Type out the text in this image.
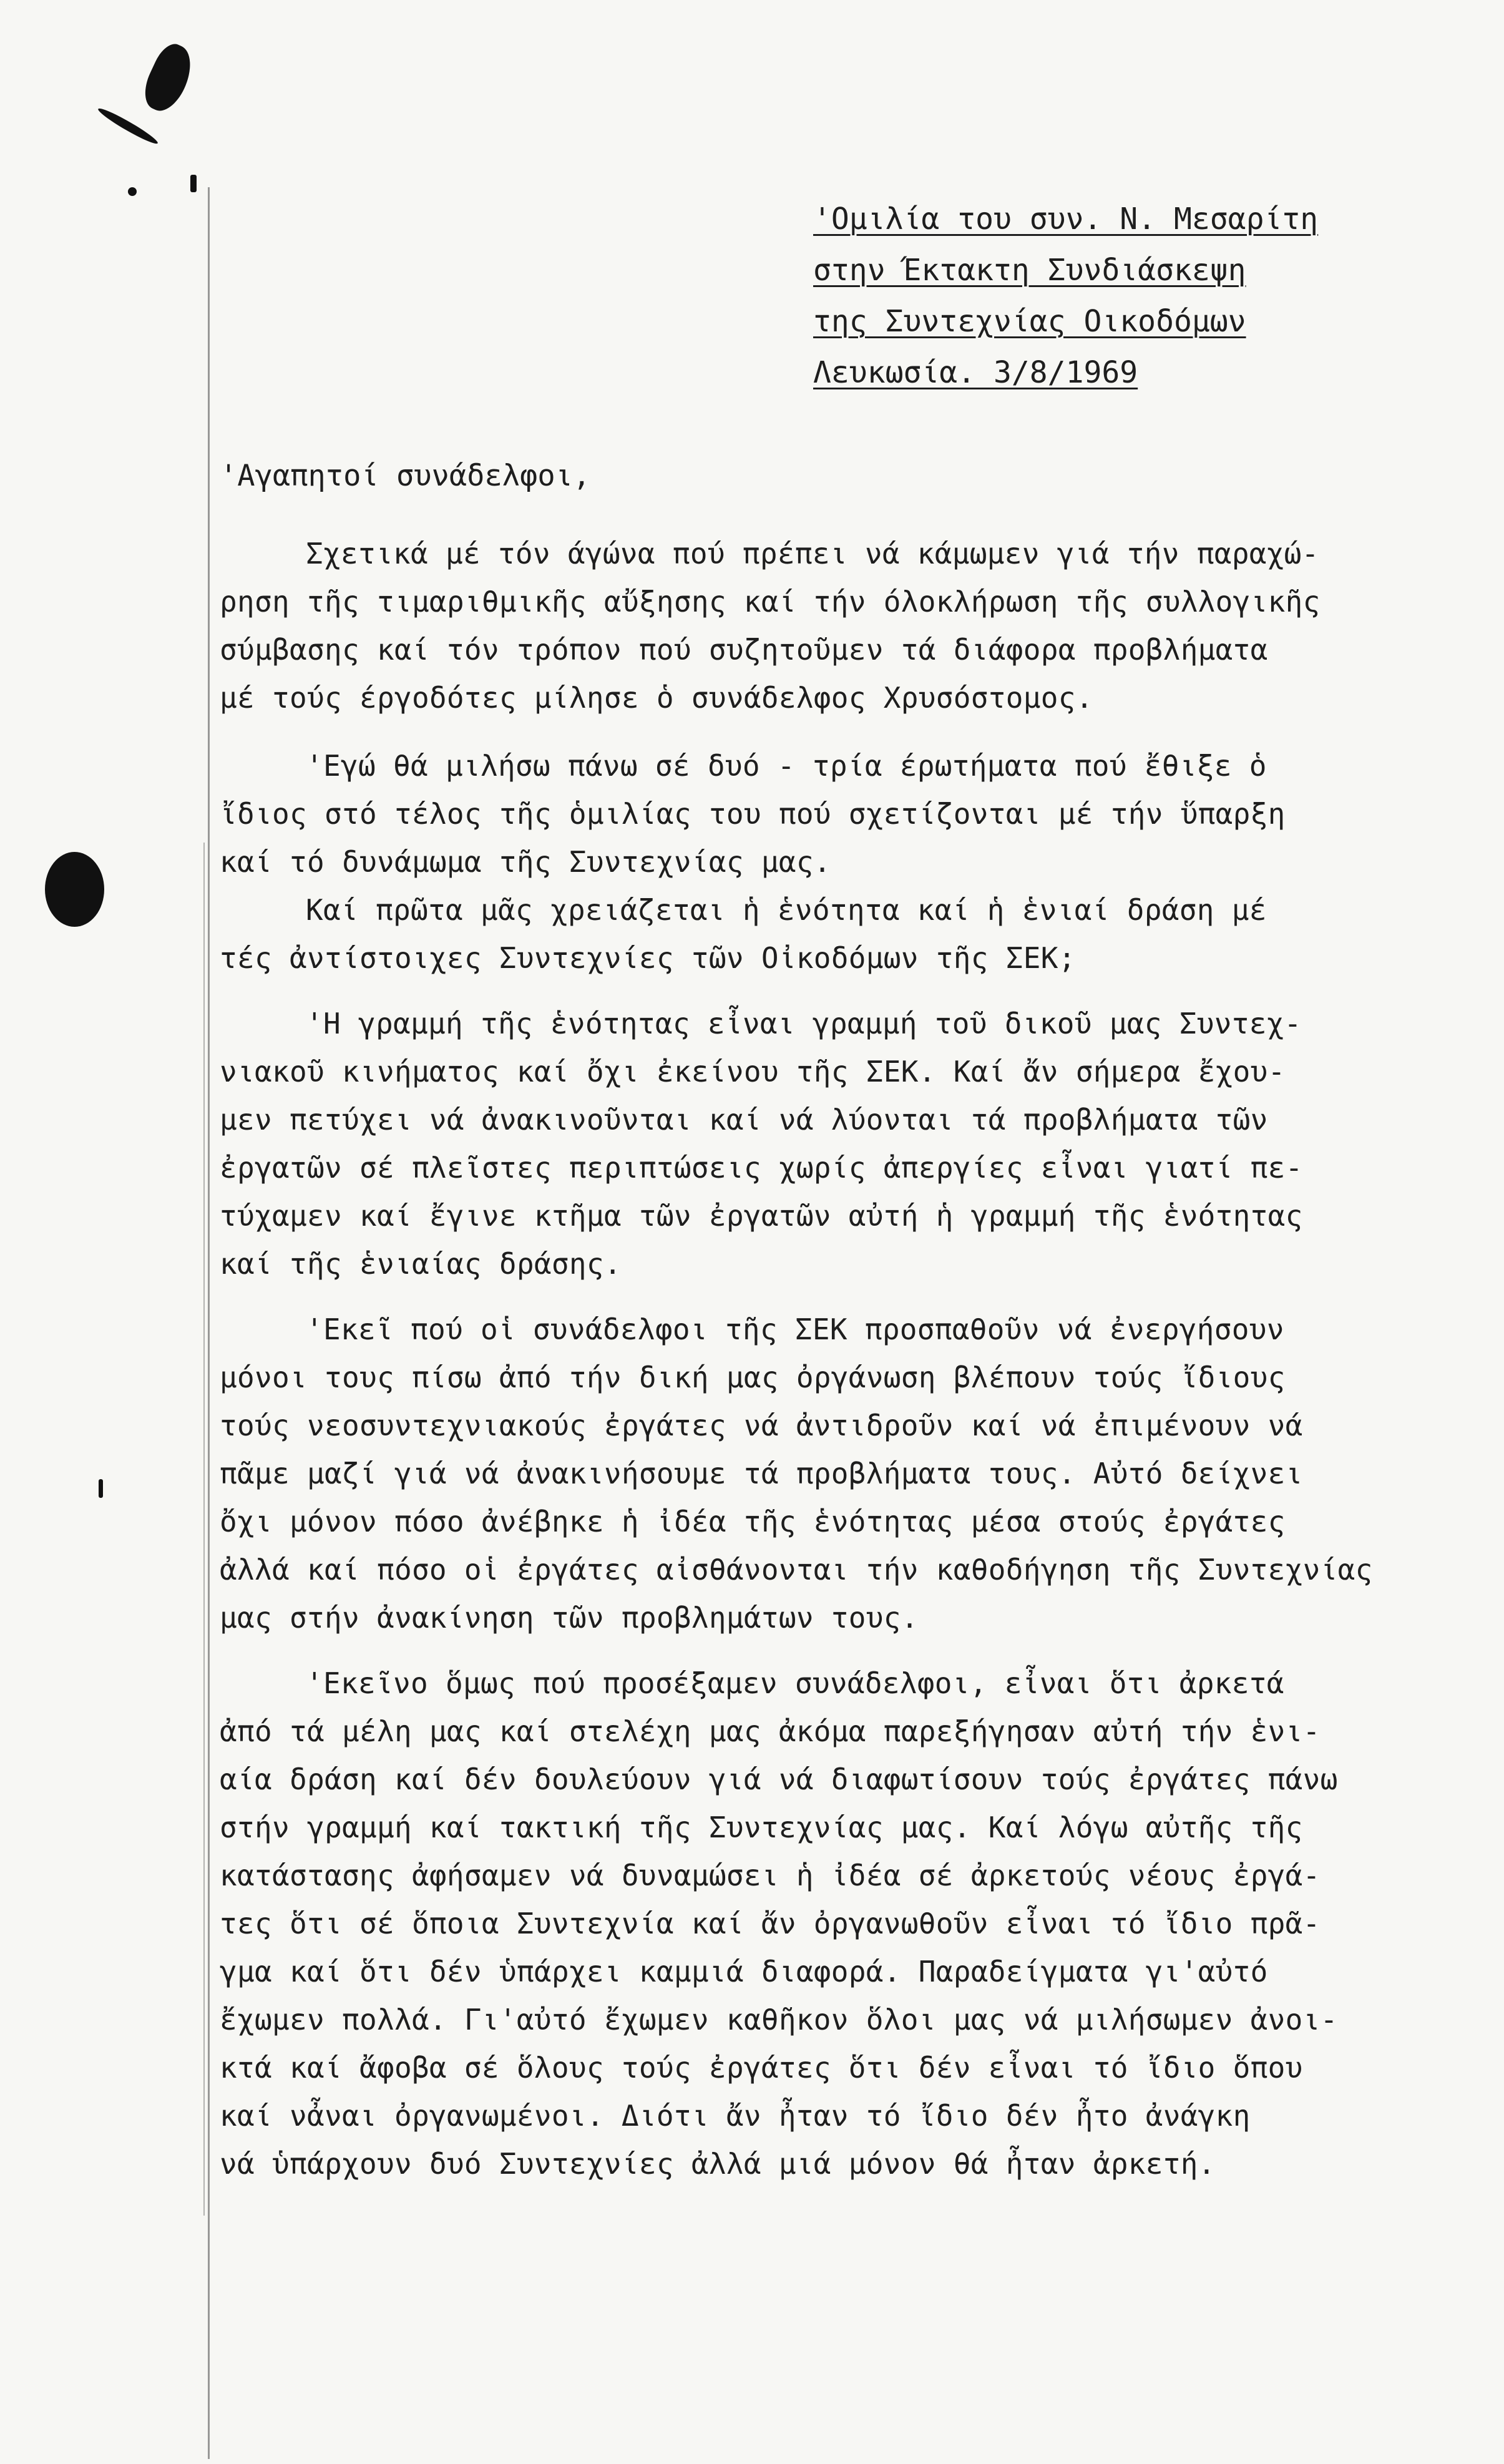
'Ομιλία του συν. Ν. Μεσαρίτη
στην Έκτακτη Συνδιάσκεψη
της Συντεχνίας Οικοδόμων
Λευκωσία. 3/8/1969
'Αγαπητοί συνάδελφοι,
Σχετικά μέ τόν άγώνα πού πρέπει νά κάμωμεν γιά τήν παραχώ-
ρηση τῆς τιμαριθμικῆς αὔξησης καί τήν όλοκλήρωση τῆς συλλογικῆς
σύμβασης καί τόν τρόπον πού συζητοῦμεν τά διάφορα προβλήματα
μέ τούς έργοδότες μίλησε ὁ συνάδελφος Χρυσόστομος.
'Εγώ θά μιλήσω πάνω σέ δυό - τρία έρωτήματα πού ἔθιξε ὁ
ἴδιος στό τέλος τῆς ὁμιλίας του πού σχετίζονται μέ τήν ὕπαρξη
καί τό δυνάμωμα τῆς Συντεχνίας μας.
Καί πρῶτα μᾶς χρειάζεται ἡ ἑνότητα καί ἡ ἑνιαί δράση μέ
τές ἀντίστοιχες Συντεχνίες τῶν Οἰκοδόμων τῆς ΣΕΚ;
'Η γραμμή τῆς ἑνότητας εἶναι γραμμή τοῦ δικοῦ μας Συντεχ-
νιακοῦ κινήματος καί ὄχι ἐκείνου τῆς ΣΕΚ. Καί ἄν σήμερα ἔχου-
μεν πετύχει νά ἀνακινοῦνται καί νά λύονται τά προβλήματα τῶν
ἐργατῶν σέ πλεῖστες περιπτώσεις χωρίς ἀπεργίες εἶναι γιατί πε-
τύχαμεν καί ἔγινε κτῆμα τῶν ἐργατῶν αὐτή ἡ γραμμή τῆς ἑνότητας
καί τῆς ἑνιαίας δράσης.
'Εκεῖ πού οἱ συνάδελφοι τῆς ΣΕΚ προσπαθοῦν νά ἐνεργήσουν
μόνοι τους πίσω ἀπό τήν δική μας ὀργάνωση βλέπουν τούς ἴδιους
τούς νεοσυντεχνιακούς ἐργάτες νά ἀντιδροῦν καί νά ἐπιμένουν νά
πᾶμε μαζί γιά νά ἀνακινήσουμε τά προβλήματα τους. Αὐτό δείχνει
ὄχι μόνον πόσο ἀνέβηκε ἡ ἰδέα τῆς ἑνότητας μέσα στούς ἐργάτες
ἀλλά καί πόσο οἱ ἐργάτες αἰσθάνονται τήν καθοδήγηση τῆς Συντεχνίας
μας στήν ἀνακίνηση τῶν προβλημάτων τους.
'Εκεῖνο ὅμως πού προσέξαμεν συνάδελφοι, εἶναι ὅτι ἀρκετά
ἀπό τά μέλη μας καί στελέχη μας ἀκόμα παρεξήγησαν αὐτή τήν ἑνι-
αία δράση καί δέν δουλεύουν γιά νά διαφωτίσουν τούς ἐργάτες πάνω
στήν γραμμή καί τακτική τῆς Συντεχνίας μας. Καί λόγω αὐτῆς τῆς
κατάστασης ἀφήσαμεν νά δυναμώσει ἡ ἰδέα σέ ἀρκετούς νέους ἐργά-
τες ὅτι σέ ὅποια Συντεχνία καί ἄν ὀργανωθοῦν εἶναι τό ἴδιο πρᾶ-
γμα καί ὅτι δέν ὑπάρχει καμμιά διαφορά. Παραδείγματα γι'αὐτό
ἔχωμεν πολλά. Γι'αὐτό ἔχωμεν καθῆκον ὅλοι μας νά μιλήσωμεν ἀνοι-
κτά καί ἄφοβα σέ ὅλους τούς ἐργάτες ὅτι δέν εἶναι τό ἴδιο ὅπου
καί νἆναι ὀργανωμένοι. Διότι ἄν ἦταν τό ἴδιο δέν ἦτο ἀνάγκη
νά ὑπάρχουν δυό Συντεχνίες ἀλλά μιά μόνον θά ἦταν ἀρκετή.
